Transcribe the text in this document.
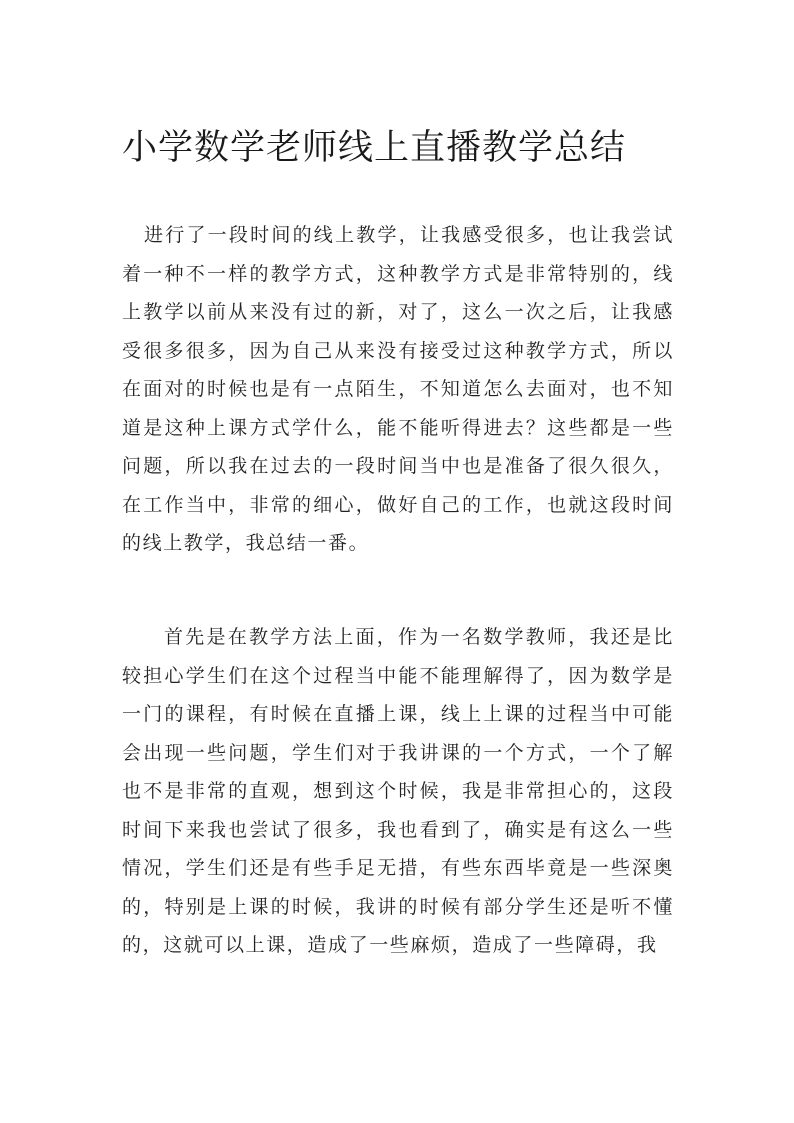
小学数学老师线上直播教学总结

进行了一段时间的线上教学，让我感受很多，也让我尝试着一种不一样的教学方式，这种教学方式是非常特别的，线上教学以前从来没有过的新，对了，这么一次之后，让我感受很多很多，因为自己从来没有接受过这种教学方式，所以在面对的时候也是有一点陌生，不知道怎么去面对，也不知道是这种上课方式学什么，能不能听得进去？这些都是一些问题，所以我在过去的一段时间当中也是准备了很久很久，在工作当中，非常的细心，做好自己的工作，也就这段时间的线上教学，我总结一番。

首先是在教学方法上面，作为一名数学教师，我还是比较担心学生们在这个过程当中能不能理解得了，因为数学是一门的课程，有时候在直播上课，线上上课的过程当中可能会出现一些问题，学生们对于我讲课的一个方式，一个了解也不是非常的直观，想到这个时候，我是非常担心的，这段时间下来我也尝试了很多，我也看到了，确实是有这么一些情况，学生们还是有些手足无措，有些东西毕竟是一些深奥的，特别是上课的时候，我讲的时候有部分学生还是听不懂的，这就可以上课，造成了一些麻烦，造成了一些障碍，我
